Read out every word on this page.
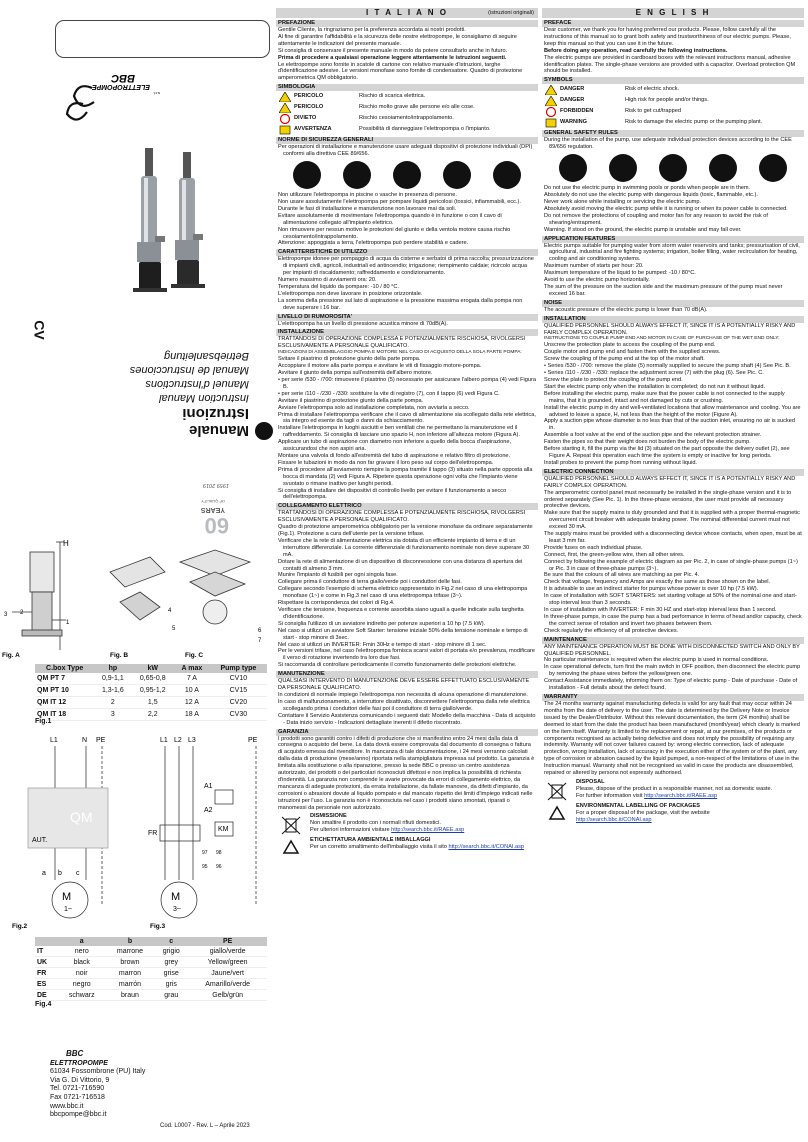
ELETTROPOMPE
s.r.l.
BBC
CV
Manuale
Istruzioni
Instruction Manual
Manuel d'Instructions
Manual de Instrucciones
Betriebsanleitung
60
YEARS
OF QUALITY
1959 2019
H
3 2
1
4
5	6
7
Fig. A	Fig. B	Fig. C
C.box Type	hp	kW	A max	Pump type
QM PT 7	0,9-1,1	0,65-0,8	7 A	CV10
QM PT 10	1,3-1,6	0,95-1,2	10 A	CV15
QM IT 12	2	1,5	12 A	CV20
QM IT 18	3	2,2	18 A	CV30
Fig.1
L1	N PE	L1 L2 L3	PE
AUT.
QM
FR
KM
A1
A2
97 98
95 96
a b c
M
1~
M
3~
Fig.2	Fig.3
	a	b	c	PE
IT	nero	marrone	grigio	giallo/verde
UK	black	brown	grey	Yellow/green
FR	noir	marron	grise	Jaune/vert
ES	negro	marrón	gris	Amarillo/verde
DE	schwarz	braun	grau	Gelb/grün
Fig.4
BBC
ELETTROPOMPE
61034 Fossombrone (PU) Italy
Via G. Di Vittorio, 9
Tel. 0721-716590
Fax 0721-716518
www.bbc.it
bbcpompe@bbc.it
Cod. L0007 - Rev. L – Aprile 2023
I T A L I A N O	(istruzioni originali)
PREFAZIONE
Gentile Cliente, la ringraziamo per la preferenza accordata ai nostri prodotti.
Al fine di garantire l'affidabilità e la sicurezza delle nostre elettropompe, le consigliamo di seguire attentamente le indicazioni del presente manuale.
Si consiglia di conservare il presente manuale in modo da potere consultarlo anche in futuro.
Prima di procedere a qualsiasi operazione leggere attentamente le istruzioni seguenti.
Le elettropompe sono fornite in scatole di cartone con relativo manuale d'istruzioni, targhe d'identificazione adesive. Le versioni monofase sono fornite di condensatore. Quadro di protezione amperometrica QM obbligatorio.
SIMBOLOGIA
PERICOLO	Rischio di scarica elettrica.
PERICOLO	Rischio molto grave alle persone e/o alle cose.
DIVIETO	Rischio cesoiamento/intrappolamento.
AVVERTENZA	Possibilità di danneggiare l'elettropompa o l'impianto.
NORME DI SICUREZZA GENERALI
Per operazioni di installazione e manutenzione usare adeguati dispositivi di protezione individuali (DPI) conformi alla direttiva CEE 89/656.
Non utilizzare l'elettropompa in piscine o vasche in presenza di persone.
Non usare assolutamente l'elettropompa per pompare liquidi pericolosi (tossici, infiammabili, ecc.).
Durante le fasi di installazione e manutenzione non lavorare mai da soli.
Evitare assolutamente di movimentare l'elettropompa quando è in funzione o con il cavo di alimentazione collegato all'impianto elettrico.
Non rimuovere per nessun motivo le protezioni del giunto e della ventola motore causa rischio cesoiamento/intrappolamento.
Attenzione: appoggiata a terra, l'elettropompa può perdere stabilità e cadere.
CARATTERISTICHE DI UTILIZZO
Elettropompe idonee per pompaggio di acqua da cisterne e serbatoi di prima raccolta; pressurizzazione di impianti civili, agricoli, industriali ed antincendio; irrigazione; riempimento caldaie; ricircolo acqua per impianti di riscaldamento; raffreddamento e condizionamento.
Numero massimo di avviamenti ora: 20.
Temperatura del liquido da pompare: -10 / 80 °C.
L'elettropompa non deve lavorare in posizione orizzontale.
La somma della pressione sul lato di aspirazione e la pressione massima erogata dalla pompa non deve superare i 16 bar.
LIVELLO DI RUMOROSITA'
L'elettropompa ha un livello di pressione acustica minore di 70dB(A).
INSTALLAZIONE
TRATTANDOSI DI OPERAZIONE COMPLESSA E POTENZIALMENTE RISCHIOSA, RIVOLGERSI ESCLUSIVAMENTE A PERSONALE QUALIFICATO.
INDICAZIONI DI ASSEMBLAGGIO POMPA E MOTORE NEL CASO DI ACQUISTO DELLA SOLA PARTE POMPA:
Svitare il piastrino di protezione giunto della parte pompa.
Accoppiare il motore alla parte pompa e avvitare le viti di fissaggio motore-pompa.
Avvitare il giunto della pompa sull'estremità dell'albero motore.
• per serie /530 - /700: rimuovere il piastrino (5) necessario per assicurare l'albero pompa (4) vedi Figura B.
• per serie /110 - /230 - /330: sostituire la vite di registro (7), con il tappo (6) vedi Figura C.
Avvitare il piastrino di protezione giunto della parte pompa.
Avviare l'elettropompa solo ad installazione completata, non avviarla a secco.
Prima di installare l'elettropompa verificare che il cavo di alimentazione sia scollegato dalla rete elettrica, sia integro ed esente da tagli o danni da schiacciamento.
Installare l'elettropompa in luoghi asciutti e ben ventilati che ne permettano la manutenzione ed il raffreddamento. Si consiglia di lasciare uno spazio H, non inferiore all'altezza motore (Figura A).
Applicare un tubo di aspirazione con diametro non inferiore a quello della bocca d'aspirazione, assicurandosi che non aspiri aria.
Montare una valvola di fondo all'estremità del tubo di aspirazione e relativo filtro di protezione.
Fissare le tubazioni in modo da non far gravare il loro peso sul corpo dell'elettropompa.
Prima di procedere all'avviamento riempire la pompa tramite il tappo (3) situato nella parte opposta alla bocca di mandata (2) vedi Figura A. Ripetere questa operazione ogni volta che l'impianto viene svuotato o rimane inattivo per lunghi periodi.
Si consiglia di installare dei dispositivi di controllo livello per evitare il funzionamento a secco dell'elettropompa.
COLLEGAMENTO ELETTRICO
TRATTANDOSI DI OPERAZIONE COMPLESSA E POTENZIALMENTE RISCHIOSA, RIVOLGERSI ESCLUSIVAMENTE A PERSONALE QUALIFICATO.
Quadro di protezione amperometrica obbligatorio per la versione monofase da ordinare separatamente (Fig.1). Protezione a cura dell'utente per la versione trifase.
Verificare che la rete di alimentazione elettrica sia dotata di un efficiente impianto di terra e di un interruttore differenziale. La corrente differenziale di funzionamento nominale non deve superare 30 mA.
Dotare la rete di alimentazione di un dispositivo di disconnessione con una distanza di apertura dei contatti di almeno 3 mm.
Munire l'impianto di fusibili per ogni singola fase.
Collegare prima il conduttore di terra giallo/verde poi i conduttori delle fasi.
Collegare secondo l'esempio di schema elettrico rappresentato in Fig.2 nel caso di una elettropompa monofase (1~) e come in Fig.3 nel caso di una elettropompa trifase (3~).
Rispettare la corrispondenza dei colori di Fig.4.
Verificare che tensione, frequenza e corrente assorbita siano uguali a quelle indicate sulla targhetta d'identificazione.
Si consiglia l'utilizzo di un avviatore indiretto per potenze superiori a 10 hp (7.5 kW).
Nel caso si utilizzi un avviatore Soft Starter: tensione iniziale 50% della tensione nominale e tempo di start - stop minore di 3sec.
Nel caso si utilizzi un INVERTER: Fmin 30Hz e tempo di start - stop minore di 1 sec.
Per le versioni trifase, nel caso l'elettropompa fornisca scarsi valori di portata e/o prevalenza, modificare il verso di rotazione invertendo tra loro due fasi.
Si raccomanda di controllare periodicamente il corretto funzionamento delle protezioni elettriche.
MANUTENZIONE
QUALSIASI INTERVENTO DI MANUTENZIONE DEVE ESSERE EFFETTUATO ESCLUSIVAMENTE DA PERSONALE QUALIFICATO.
In condizioni di normale impiego l'elettropompa non necessita di alcuna operazione di manutenzione.
In caso di malfunzionamento, a interruttore disattivato, disconnettere l'elettropompa dalla rete elettrica scollegando prima i conduttori delle fasi poi il conduttore di terra giallo/verde.
Contattare il Servizio Assistenza comunicando i seguenti dati: Modello della macchina - Data di acquisto - Data inizio servizio - Indicazioni dettagliate inerenti il difetto riscontrato.
GARANZIA
I prodotti sono garantiti contro i difetti di produzione che si manifestino entro 24 mesi dalla data di consegna o acquisto del bene. La data dovrà essere comprovata dal documento di consegna o fattura di acquisto emessa dal rivenditore. In mancanza di tale documentazione, i 24 mesi verranno calcolati dalla data di produzione (mese/anno) riportata nella stampigliatura impressa sul prodotto. La garanzia è limitata alla sostituzione o alla riparazione, presso la sede BBC o presso un centro assistenza autorizzato, dei prodotti o dei particolari riconosciuti difettosi e non implica la possibilità di richiesta d'indennità. La garanzia non comprende le avarie provocate da errori di collegamento elettrico, da mancanza di adeguate protezioni, da errata installazione, da fallate manovre, da difetti d'impianto, da corrosioni o abrasioni dovute al liquido pompato e dal mancato rispetto dei limiti d'impiego indicati nelle istruzioni per l'uso. La garanzia non è riconosciuta nel caso i prodotti siano smontati, riparati o manomessi da personale non autorizzato.
DISMISSIONE
Non smaltire il prodotto con i normali rifiuti domestici.
Per ulteriori informazioni visitare http://search.bbc.it/RAEE.asp
ETICHETTATURA AMBIENTALE IMBALLAGGI
Per un corretto smaltimento dell'imballaggio visita il sito http://search.bbc.it/CONAI.asp
E N G L I S H
PREFACE
Dear customer, we thank you for having preferred our products. Please, follow carefully all the instructions of this manual so to grant both safety and trustworthiness of our electric pumps. Please, keep this manual so that you can use it in the future.
Before doing any operation, read carefully the following instructions.
The electric pumps are provided in cardboard boxes with the relevant instructions manual, adhesive identification plates. The single-phase versions are provided with a capacitor. Overload protection QM should be installed.
SYMBOLS
DANGER	Risk of electric shock.
DANGER	High risk for people and/or things.
FORBIDDEN	Risk to get cut/trapped
WARNING	Risk to damage the electric pump or the pumping plant.
GENERAL SAFETY RULES
During the installation of the pump, use adequate individual protection devices according to the CEE 89/656 regulation.
Do not use the electric pump in swimming pools or ponds when people are in them.
Absolutely do not use the electric pump with dangerous liquids (toxic, flammable, etc.).
Never work alone while installing or servicing the electric pump.
Absolutely avoid moving the electric pump while it is running or when its power cable is connected.
Do not remove the protections of coupling and motor fan for any reason to avoid the risk of shearing/entrapment.
Warning. If stood on the ground, the electric pump is unstable and may fall over.
APPLICATION FEATURES
Electric pumps suitable for pumping water from storm water reservoirs and tanks; pressurisation of civil, agricultural, industrial and fire fighting systems; irrigation, boiler filling, water recirculation for heating, cooling and air conditioning systems.
Maximum number of starts per hour: 20.
Maximum temperature of the liquid to be pumped: -10 / 80°C.
Avoid to use the electric pump horizontally.
The sum of the pressure on the suction side and the maximum pressure of the pump must never exceed 16 bar.
NOISE
The acoustic pressure of the electric pump is lower than 70 dB(A).
INSTALLATION
QUALIFIED PERSONNEL SHOULD ALWAYS EFFECT IT, SINCE IT IS A POTENTIALLY RISKY AND FAIRLY COMPLEX OPERATION.
INSTRUCTIONS TO COUPLE PUMP END AND MOTOR IN CASE OF PURCHASE OF THE WET END ONLY:
Unscrew the protection plate to access the coupling of the pump end.
Couple motor and pump end and fasten them with the supplied screws.
Screw the coupling of the pump end at the top of the motor shaft.
• Series /530 - /700: remove the plate (5) normally supplied to secure the pump shaft (4) See Pic. B.
• Series /110 - /230 - /330: replace the adjustment screw (7) with the plug (6). See Pic. C.
Screw the plate to protect the coupling of the pump end.
Start the electric pump only when the installation is completed; do not run it without liquid.
Before installing the electric pump, make sure that the power cable is not connected to the supply mains, that it is grounded, intact and not damaged by cuts or crushing.
Install the electric pump in dry and well-ventilated locations that allow maintenance and cooling. You are advised to leave a space, H, not less than the height of the motor (Figure A).
Apply a suction pipe whose diameter is no less than that of the suction inlet, ensuring no air is sucked in.
Assemble a foot valve at the end of the suction pipe and the relevant protection strainer.
Fasten the pipes so that their weight does not burden the body of the electric pump.
Before starting it, fill the pump via the lid (3) situated on the part opposite the delivery outlet (2), see Figure A. Repeat this operation each time the system is empty or inactive for long periods.
Install probes to prevent the pump from running without liquid.
ELECTRIC CONNECTION
QUALIFIED PERSONNEL SHOULD ALWAYS EFFECT IT, SINCE IT IS A POTENTIALLY RISKY AND FAIRLY COMPLEX OPERATION.
The amperometric control panel must necessarily be installed in the single-phase version and it is to ordered separately (See Pic. 1). In the three-phase versions, the user must provide all necessary protective devices.
Make sure that the supply mains is duly grounded and that it is supplied with a proper thermal-magnetic overcurrent circuit breaker with adequate braking power. The nominal differential current must not exceed 30 mA.
The supply mains must be provided with a disconnecting device whose contacts, when open, must be at least 3 mm far.
Provide fuses on each individual phase.
Connect, first, the green-yellow wire, then all other wires.
Connect by following the example of electric diagram as per Pic. 2, in case of single-phase pumps (1~) or Pic. 3 in case of three-phase pumps (3~).
Be sure that the colours of all wires are matching as per Pic. 4.
Check that voltage, frequency and Amps are exactly the same as those shown on the label.
It is advisable to use an indirect starter for pumps whose power is over 10 hp (7.5 kW).
In case of installation with SOFT STARTERS: set starting voltage at 50% of the nominal one and start-stop interval less than 3 seconds.
In case of installation with INVERTER: F min 30 HZ and start-stop interval less than 1 second.
In three-phase pumps, in case the pump has a bad performance in terms of head and/or capacity, check the correct sense of rotation and invert two phases between them.
Check regularly the efficiency of all protective devices.
MAINTENANCE
ANY MAINTENANCE OPERATION MUST BE DONE WITH DISCONNECTED SWITCH AND ONLY BY QUALIFIED PERSONNEL.
No particular maintenance is required when the electric pump is used in normal conditions.
In case operational defects, turn first the main switch in OFF position, then disconnect the electric pump by removing the phase wires before the yellow/green one.
Contact Assistance immediately, informing them on: Type of electric pump - Date of purchase - Date of installation - Full details about the defect found.
WARRANTY
The 24 months warranty against manufacturing defects is valid for any fault that may occur within 24 months from the date of delivery to the user. The date is determined by the Delivery Note or Invoice issued by the Dealer/Distributor. Without this relevant documentation, the term (24 months) shall be deemed to start from the date the product has been manufactured (month/year) which clearly is marked on the item itself. Warranty is limited to the replacement or repair, at our premises, of the products or components recognised as actually being defective and does not imply the possibility of requiring any indemnity. Warranty will not cover failures caused by: wrong electric connection, lack of adequate protection, wrong installation, lack of accuracy in the execution either of the system or of the plant, any type of corrosion or abrasion caused by the liquid pumped, a non-respect of the limitations of use in the Instruction manual. Warranty shall not be recognised as valid in case the products are disassembled, repaired or altered by persons not expressly authorised.
DISPOSAL
Please, dispose of the product in a responsible manner, not as domestic waste.
For further information visit http://search.bbc.it/RAEE.asp
ENVIRONMENTAL LABELLING OF PACKAGES
For a proper disposal of the package, visit the website
http://search.bbc.it/CONAI.asp
